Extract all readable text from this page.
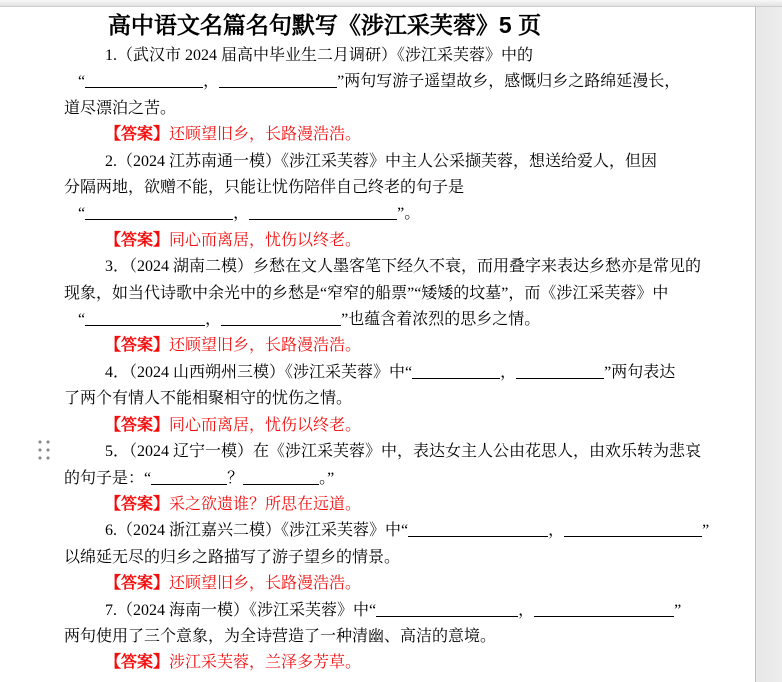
高中语文名篇名句默写《涉江采芙蓉》5 页
1.（武汉市 2024 届高中毕业生二月调研）《涉江采芙蓉》中的
“	，	”两句写游子遥望故乡，感慨归乡之路绵延漫长，
道尽漂泊之苦。
【答案】还顾望旧乡，长路漫浩浩。
2.（2024 江苏南通一模）《涉江采芙蓉》中主人公采撷芙蓉，想送给爱人，但因
分隔两地，欲赠不能，只能让忧伤陪伴自己终老的句子是
“	，	”。
【答案】同心而离居，忧伤以终老。
3．（2024 湖南二模）乡愁在文人墨客笔下经久不衰，而用叠字来表达乡愁亦是常见的
现象，如当代诗歌中余光中的乡愁是“窄窄的船票”“矮矮的坟墓”，而《涉江采芙蓉》中
“	，	”也蕴含着浓烈的思乡之情。
【答案】还顾望旧乡，长路漫浩浩。
4．（2024 山西朔州三模）《涉江采芙蓉》中“	，	”两句表达
了两个有情人不能相聚相守的忧伤之情。
【答案】同心而离居，忧伤以终老。
5．（2024 辽宁一模）在《涉江采芙蓉》中，表达女主人公由花思人，由欢乐转为悲哀
的句子是：“	？	。”
【答案】采之欲遗谁？所思在远道。
6.（2024 浙江嘉兴二模）《涉江采芙蓉》中“	，	”
以绵延无尽的归乡之路描写了游子望乡的情景。
【答案】还顾望旧乡，长路漫浩浩。
7.（2024 海南一模）《涉江采芙蓉》中“	，	”
两句使用了三个意象，为全诗营造了一种清幽、高洁的意境。
【答案】涉江采芙蓉，兰泽多芳草。
